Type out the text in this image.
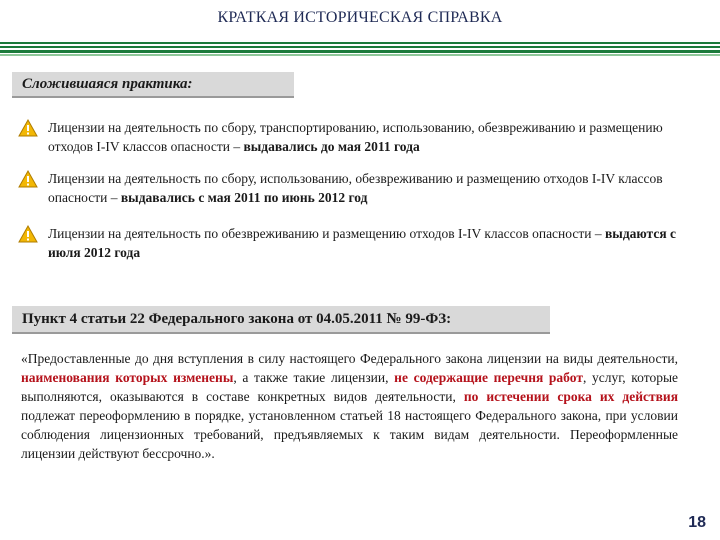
КРАТКАЯ ИСТОРИЧЕСКАЯ СПРАВКА
Сложившаяся практика:
Лицензии на деятельность по сбору, транспортированию, использованию, обезвреживанию и размещению отходов I-IV классов опасности – выдавались до мая 2011 года
Лицензии на деятельность по сбору, использованию, обезвреживанию и размещению отходов I-IV классов опасности – выдавались с мая 2011 по июнь 2012 год
Лицензии на деятельность по обезвреживанию и размещению отходов I-IV классов опасности – выдаются с июля 2012 года
Пункт 4 статьи 22 Федерального закона от 04.05.2011 № 99-ФЗ:
«Предоставленные до дня вступления в силу настоящего Федерального закона лицензии на виды деятельности, наименования которых изменены, а также такие лицензии, не содержащие перечня работ, услуг, которые выполняются, оказываются в составе конкретных видов деятельности, по истечении срока их действия подлежат переоформлению в порядке, установленном статьей 18 настоящего Федерального закона, при условии соблюдения лицензионных требований, предъявляемых к таким видам деятельности. Переоформленные лицензии действуют бессрочно.».
18
